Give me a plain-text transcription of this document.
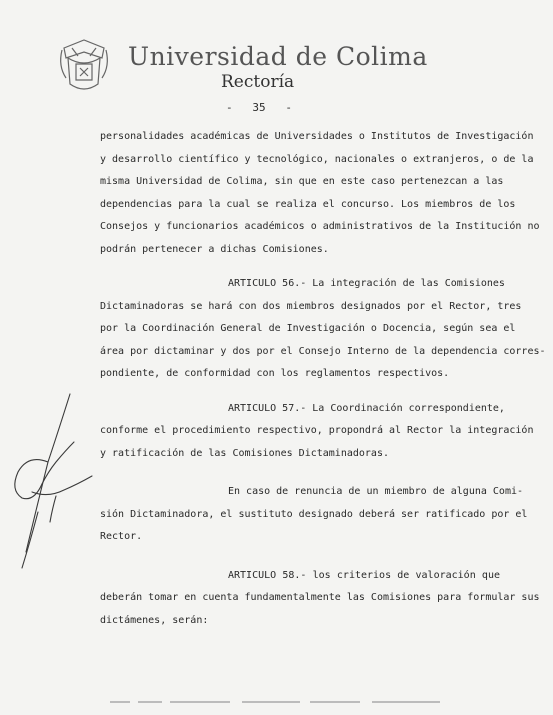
Universidad de Colima
Rectoría
- 35 -

personalidades académicas de Universidades o Institutos de Investigación
y desarrollo científico y tecnológico, nacionales o extranjeros, o de la
misma Universidad de Colima, sin que en este caso pertenezcan a las
dependencias para la cual se realiza el concurso. Los miembros de los
Consejos y funcionarios académicos o administrativos de la Institución no
podrán pertenecer a dichas Comisiones.

ARTICULO 56.- La integración de las Comisiones
Dictaminadoras se hará con dos miembros designados por el Rector, tres
por la Coordinación General de Investigación o Docencia, según sea el
área por dictaminar y dos por el Consejo Interno de la dependencia corres-
pondiente, de conformidad con los reglamentos respectivos.

ARTICULO 57.- La Coordinación correspondiente,
conforme el procedimiento respectivo, propondrá al Rector la integración
y ratificación de las Comisiones Dictaminadoras.

En caso de renuncia de un miembro de alguna Comi-
sión Dictaminadora, el sustituto designado deberá ser ratificado por el
Rector.

ARTICULO 58.- los criterios de valoración que
deberán tomar en cuenta fundamentalmente las Comisiones para formular sus
dictámenes, serán:
